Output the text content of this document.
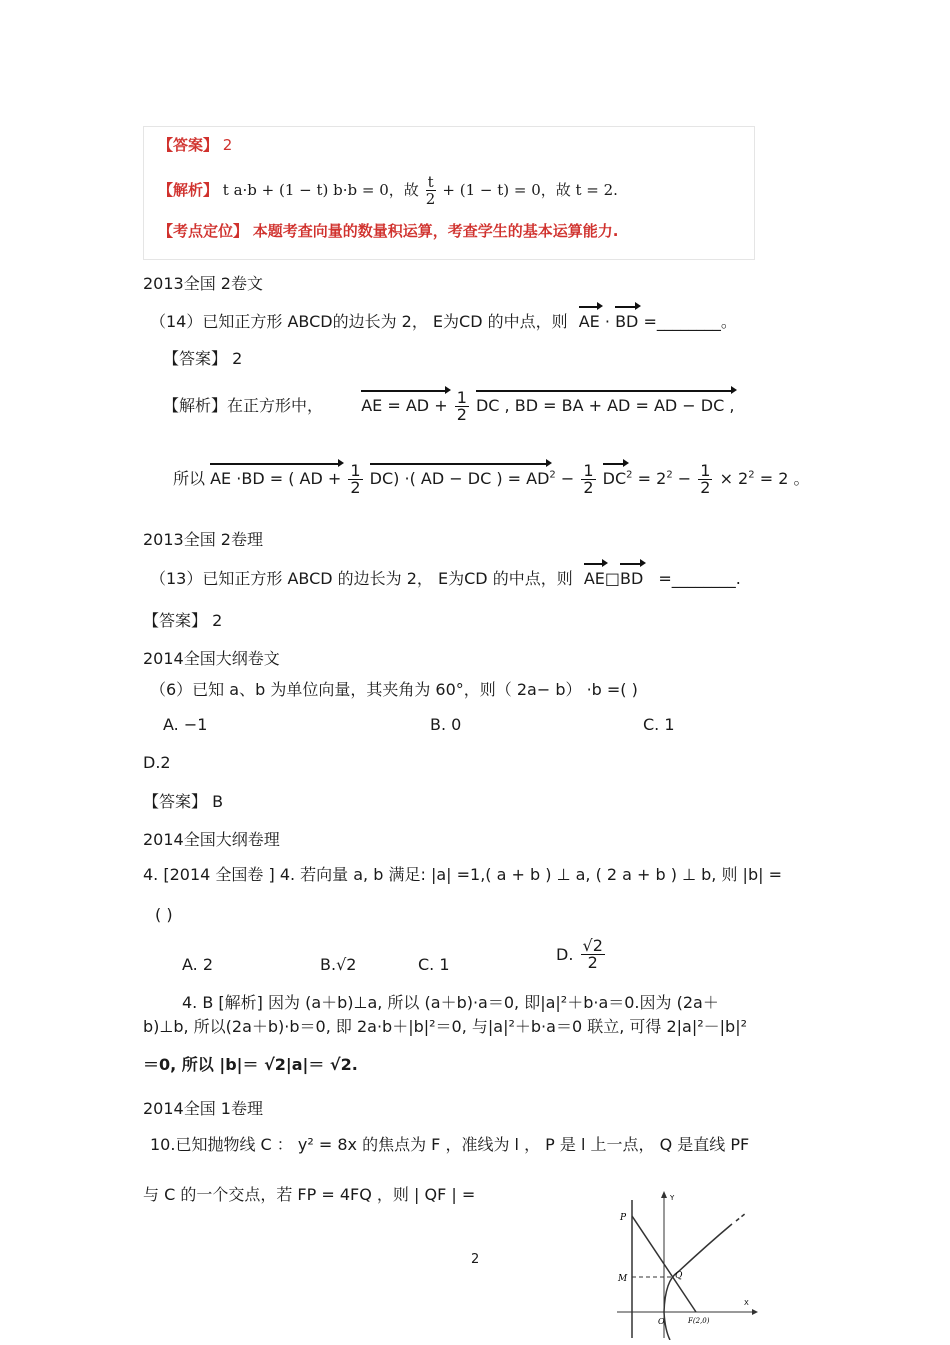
【答案】 2
【解析】 t a·b + (1 − t) b·b = 0，故 $\frac{t}{2} + (1 - t) = 0$，故 t = 2.
【考点定位】 本题考查向量的数量积运算，考查学生的基本运算能力.
2013全国 2卷文
（14）已知正方形 ABCD的边长为 2， E为CD 的中点，则 AE · BD =________。
【答案】 2
【解析】在正方形中， AE = AD + $\frac{1}{2}$ DC , BD = BA + AD = AD − DC ,
所以 AE ·BD = ( AD + $\frac{1}{2} DC$) ·( AD − DC ) = $AD^2 - \frac{1}{2} DC^2 = 2^2 - \frac{1}{2} \times 2^2 = 2$ 。
2013全国 2卷理
（13）已知正方形 ABCD 的边长为 2， E为CD 的中点，则 AE□BD =________.
【答案】 2
2014全国大纲卷文
（6）已知 a、b 为单位向量，其夹角为 60°，则（ 2a− b） ·b =( )
A. −1	B. 0	C. 1
D.2
【答案】 B
2014全国大纲卷理
4. [2014 全国卷 ] 4. 若向量 a, b 满足: |a| =1,( a + b ) ⊥ a, ( 2 a + b ) ⊥ b, 则 |b| =
( )
A. 2	B.√2	C. 1
D. $\frac{√2}{2}$
4. B [解析] 因为 (a＋b)⊥a, 所以 (a＋b)·a＝0, 即|a|²＋b·a＝0.因为 (2a＋
b)⊥b, 所以(2a＋b)·b＝0, 即 2a·b＋|b|²＝0, 与|a|²＋b·a＝0 联立, 可得 2|a|²－|b|²
＝0, 所以 |b|＝ √2|a|＝ √2.
2014全国 1卷理
10.已知抛物线 C ： y² = 8x 的焦点为 F ，准线为 l ， P 是 l 上一点， Q 是直线 PF
与 C 的一个交点，若 FP = 4FQ ，则 | QF | =
2
P
M	Q
O	F(2,0)
X
Y
